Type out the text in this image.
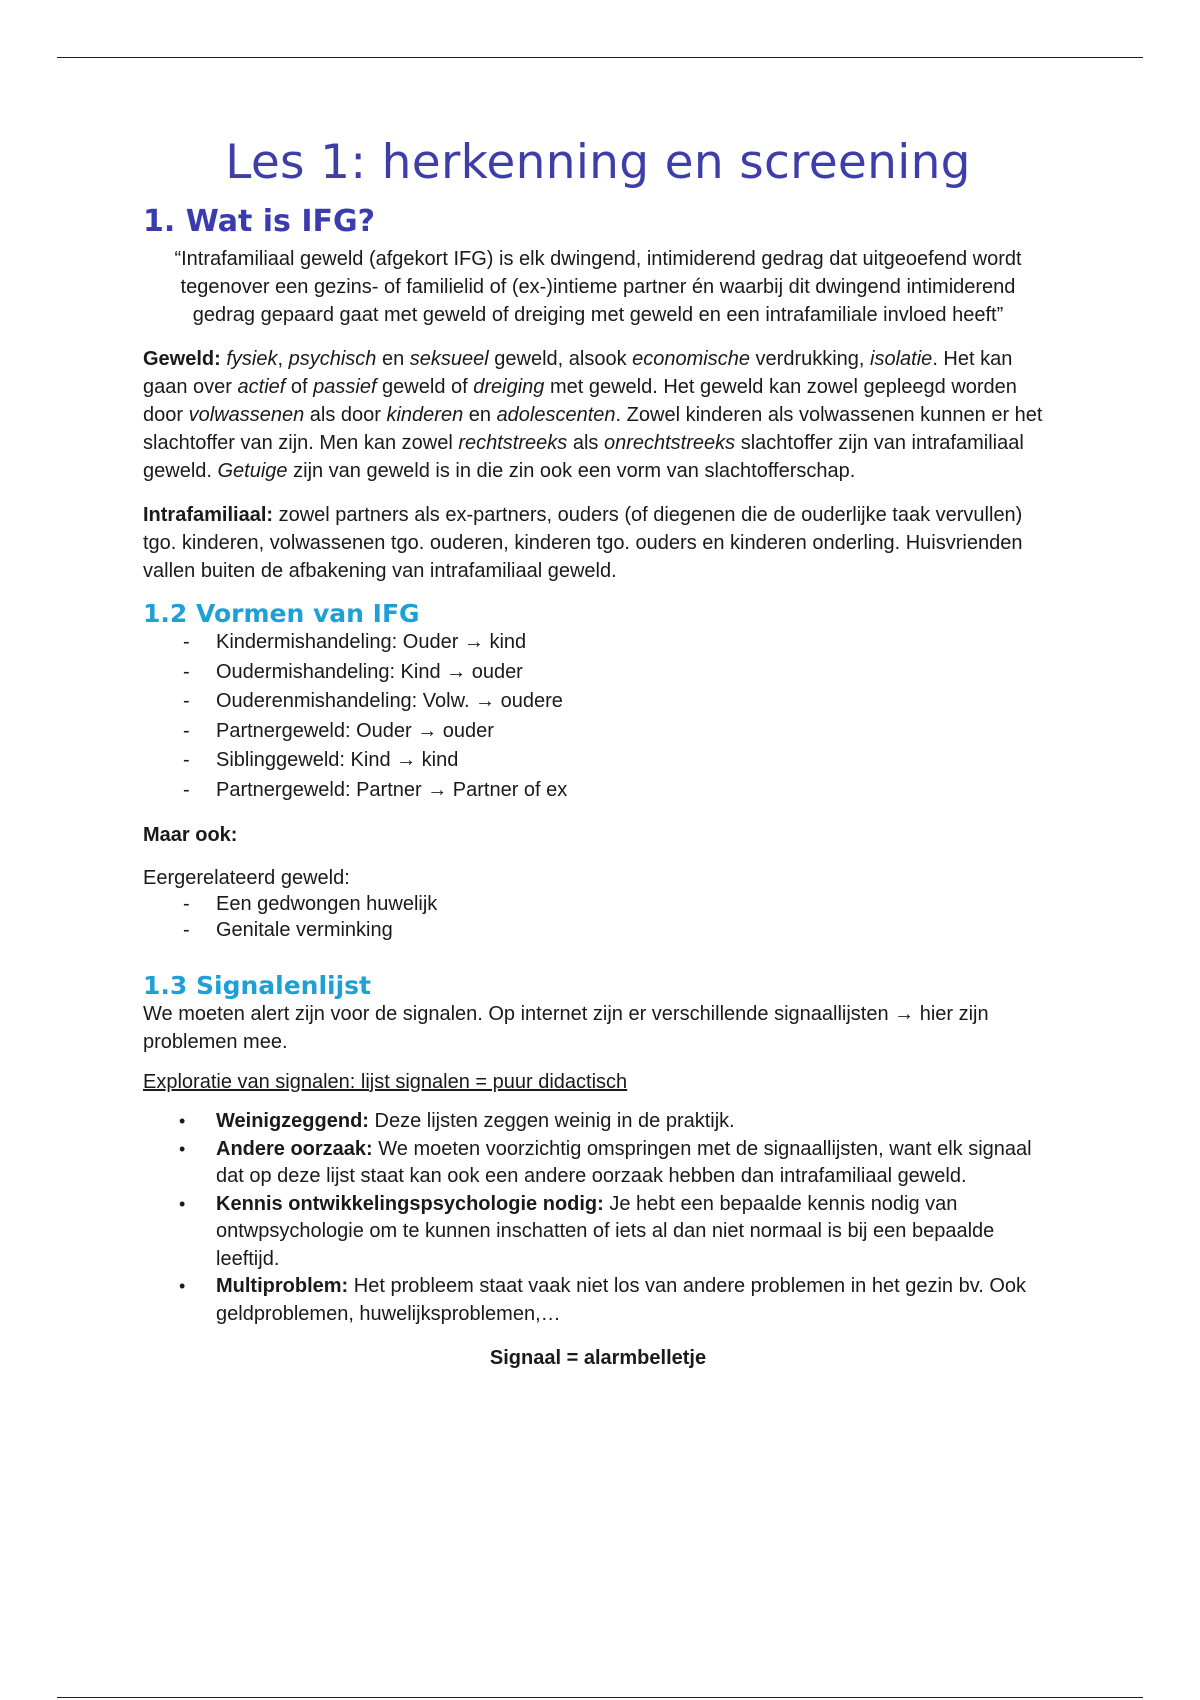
Les 1: herkenning en screening
1. Wat is IFG?

“Intrafamiliaal geweld (afgekort IFG) is elk dwingend, intimiderend gedrag dat uitgeoefend wordt tegenover een gezins- of familielid of (ex-)intieme partner én waarbij dit dwingend intimiderend gedrag gepaard gaat met geweld of dreiging met geweld en een intrafamiliale invloed heeft”

Geweld: fysiek, psychisch en seksueel geweld, alsook economische verdrukking, isolatie. Het kan gaan over actief of passief geweld of dreiging met geweld. Het geweld kan zowel gepleegd worden door volwassenen als door kinderen en adolescenten. Zowel kinderen als volwassenen kunnen er het slachtoffer van zijn. Men kan zowel rechtstreeks als onrechtstreeks slachtoffer zijn van intrafamiliaal geweld. Getuige zijn van geweld is in die zin ook een vorm van slachtofferschap.

Intrafamiliaal: zowel partners als ex-partners, ouders (of diegenen die de ouderlijke taak vervullen) tgo. kinderen, volwassenen tgo. ouderen, kinderen tgo. ouders en kinderen onderling. Huisvrienden vallen buiten de afbakening van intrafamiliaal geweld.

1.2 Vormen van IFG
- Kindermishandeling: Ouder → kind
- Oudermishandeling: Kind → ouder
- Ouderenmishandeling: Volw. → oudere
- Partnergeweld: Ouder → ouder
- Siblinggeweld: Kind → kind
- Partnergeweld: Partner → Partner of ex

Maar ook:

Eergerelateerd geweld:

- Een gedwongen huwelijk
- Genitale verminking
1.3 Signalenlijst

We moeten alert zijn voor de signalen. Op internet zijn er verschillende signaallijsten → hier zijn problemen mee.

Exploratie van signalen: lijst signalen = puur didactisch

• Weinigzeggend: Deze lijsten zeggen weinig in de praktijk.
• Andere oorzaak: We moeten voorzichtig omspringen met de signaallijsten, want elk signaal dat op deze lijst staat kan ook een andere oorzaak hebben dan intrafamiliaal geweld.
• Kennis ontwikkelingspsychologie nodig: Je hebt een bepaalde kennis nodig van ontwpsychologie om te kunnen inschatten of iets al dan niet normaal is bij een bepaalde leeftijd.
• Multiproblem: Het probleem staat vaak niet los van andere problemen in het gezin bv. Ook geldproblemen, huwelijksproblemen,…

Signaal = alarmbelletje
